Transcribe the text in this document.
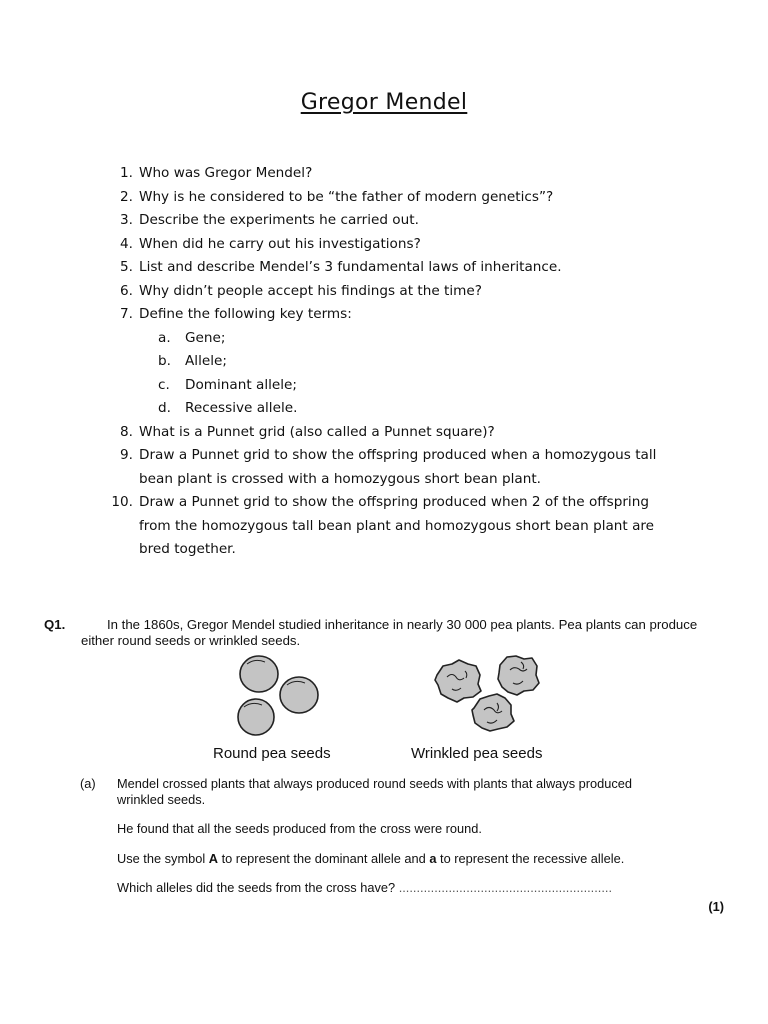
Gregor Mendel
1. Who was Gregor Mendel?
2. Why is he considered to be “the father of modern genetics”?
3. Describe the experiments he carried out.
4. When did he carry out his investigations?
5. List and describe Mendel’s 3 fundamental laws of inheritance.
6. Why didn’t people accept his findings at the time?
7. Define the following key terms:
a. Gene;
b. Allele;
c.	Dominant allele;
d. Recessive allele.
8. What is a Punnet grid (also called a Punnet square)?
9. Draw a Punnet grid to show the offspring produced when a homozygous tall bean plant is crossed with a homozygous short bean plant.
10. Draw a Punnet grid to show the offspring produced when 2 of the offspring from the homozygous tall bean plant and homozygous short bean plant are bred together.
Q1.	In the 1860s, Gregor Mendel studied inheritance in nearly 30 000 pea plants. Pea plants can produce either round seeds or wrinkled seeds.
Round pea seeds	Wrinkled pea seeds
(a) Mendel crossed plants that always produced round seeds with plants that always produced wrinkled seeds.

He found that all the seeds produced from the cross were round.

Use the symbol A to represent the dominant allele and a to represent the recessive allele.

Which alleles did the seeds from the cross have? ............................................................

(1)
